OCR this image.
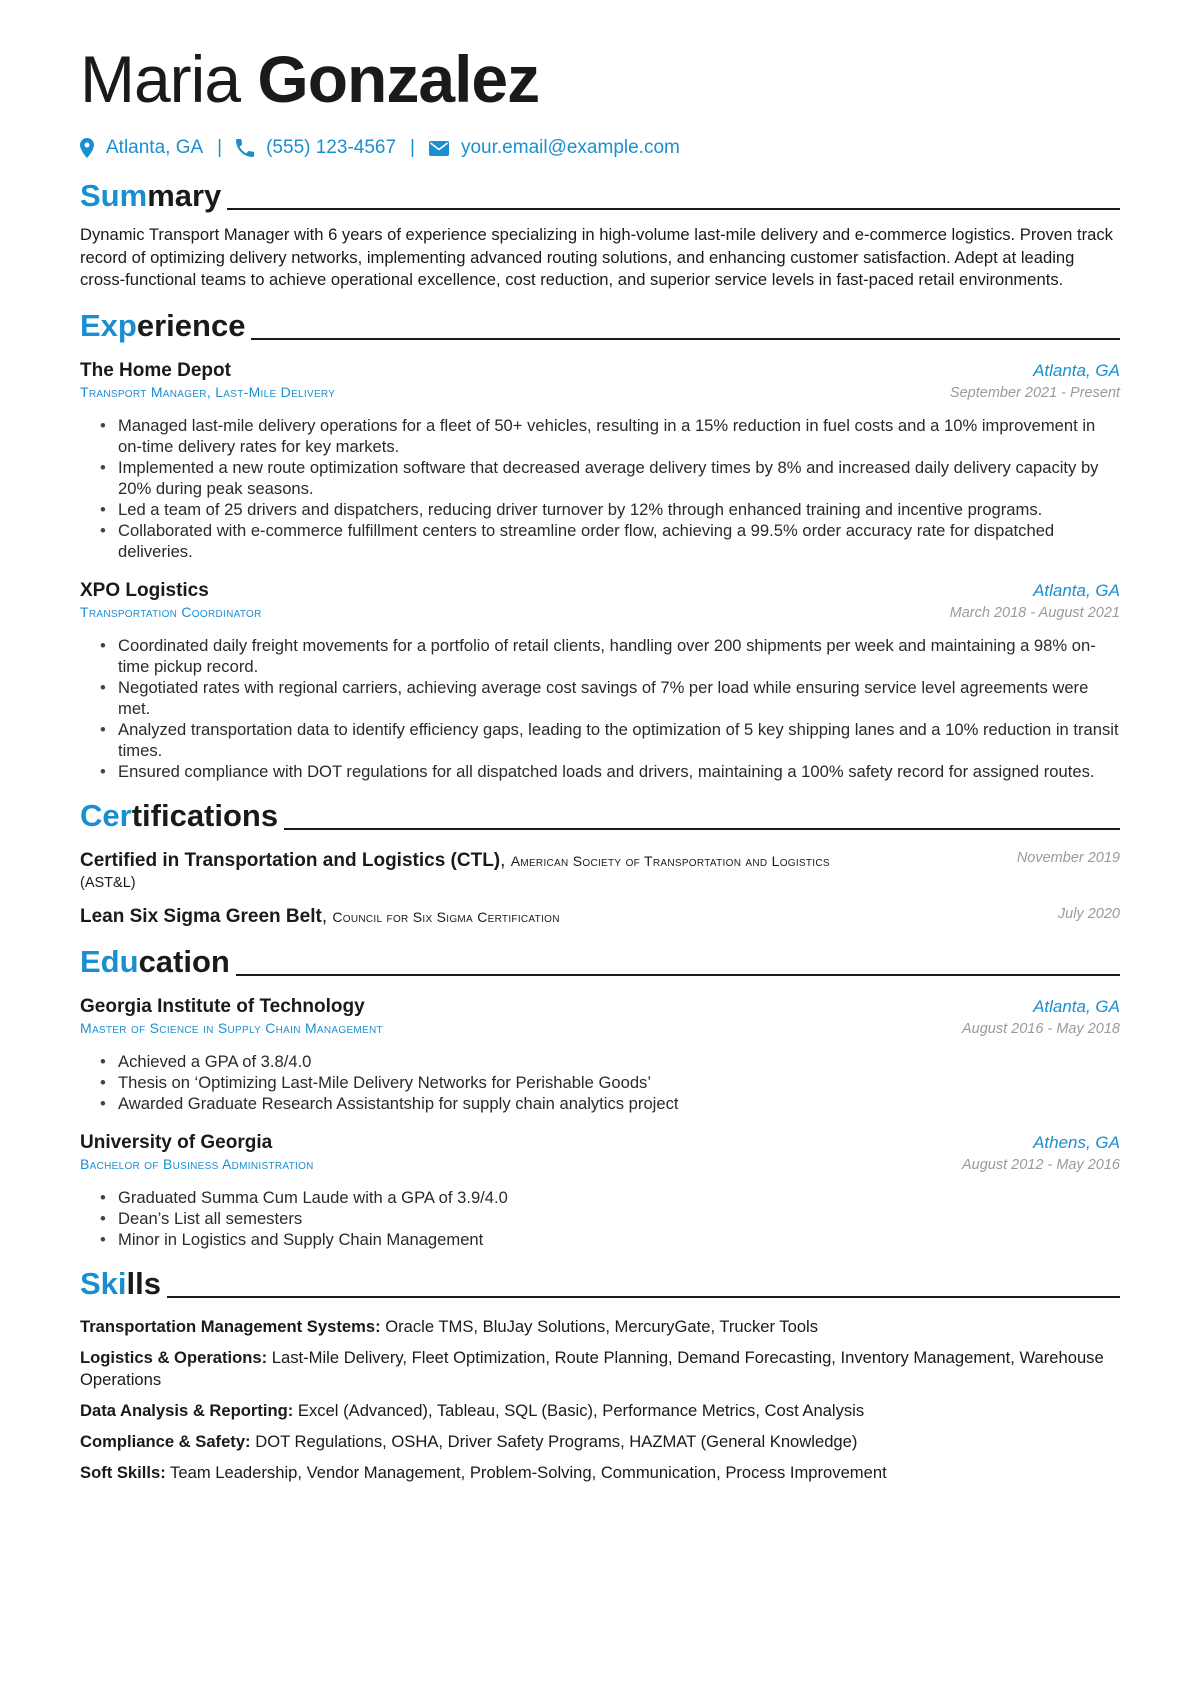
Maria Gonzalez
Atlanta, GA | (555) 123-4567 | your.email@example.com
Summary

Dynamic Transport Manager with 6 years of experience specializing in high-volume last-mile delivery and e-commerce logistics. Proven track record of optimizing delivery networks, implementing advanced routing solutions, and enhancing customer satisfaction. Adept at leading cross-functional teams to achieve operational excellence, cost reduction, and superior service levels in fast-paced retail environments.

Experience
The Home Depot	Atlanta, GA
Transport Manager, Last-Mile Delivery	September 2021 - Present
• Managed last-mile delivery operations for a fleet of 50+ vehicles, resulting in a 15% reduction in fuel costs and a 10% improvement in on-time delivery rates for key markets.
• Implemented a new route optimization software that decreased average delivery times by 8% and increased daily delivery capacity by 20% during peak seasons.
• Led a team of 25 drivers and dispatchers, reducing driver turnover by 12% through enhanced training and incentive programs.
• Collaborated with e-commerce fulfillment centers to streamline order flow, achieving a 99.5% order accuracy rate for dispatched deliveries.
XPO Logistics	Atlanta, GA
Transportation Coordinator	March 2018 - August 2021
• Coordinated daily freight movements for a portfolio of retail clients, handling over 200 shipments per week and maintaining a 98% on-time pickup record.
• Negotiated rates with regional carriers, achieving average cost savings of 7% per load while ensuring service level agreements were met.
• Analyzed transportation data to identify efficiency gaps, leading to the optimization of 5 key shipping lanes and a 10% reduction in transit times.
• Ensured compliance with DOT regulations for all dispatched loads and drivers, maintaining a 100% safety record for assigned routes.
Certifications
Certified in Transportation and Logistics (CTL), American Society of Transportation and Logistics
(AST&L)
November 2019
Lean Six Sigma Green Belt, Council for Six Sigma Certification	July 2020
Education
Georgia Institute of Technology	Atlanta, GA
Master of Science in Supply Chain Management	August 2016 - May 2018
• Achieved a GPA of 3.8/4.0
• Thesis on ‘Optimizing Last-Mile Delivery Networks for Perishable Goods’
• Awarded Graduate Research Assistantship for supply chain analytics project
University of Georgia	Athens, GA
Bachelor of Business Administration	August 2012 - May 2016
• Graduated Summa Cum Laude with a GPA of 3.9/4.0
• Dean’s List all semesters
• Minor in Logistics and Supply Chain Management
Skills

Transportation Management Systems: Oracle TMS, BluJay Solutions, MercuryGate, Trucker Tools

Logistics & Operations: Last-Mile Delivery, Fleet Optimization, Route Planning, Demand Forecasting, Inventory Management, Warehouse Operations

Data Analysis & Reporting: Excel (Advanced), Tableau, SQL (Basic), Performance Metrics, Cost Analysis

Compliance & Safety: DOT Regulations, OSHA, Driver Safety Programs, HAZMAT (General Knowledge)

Soft Skills: Team Leadership, Vendor Management, Problem-Solving, Communication, Process Improvement
